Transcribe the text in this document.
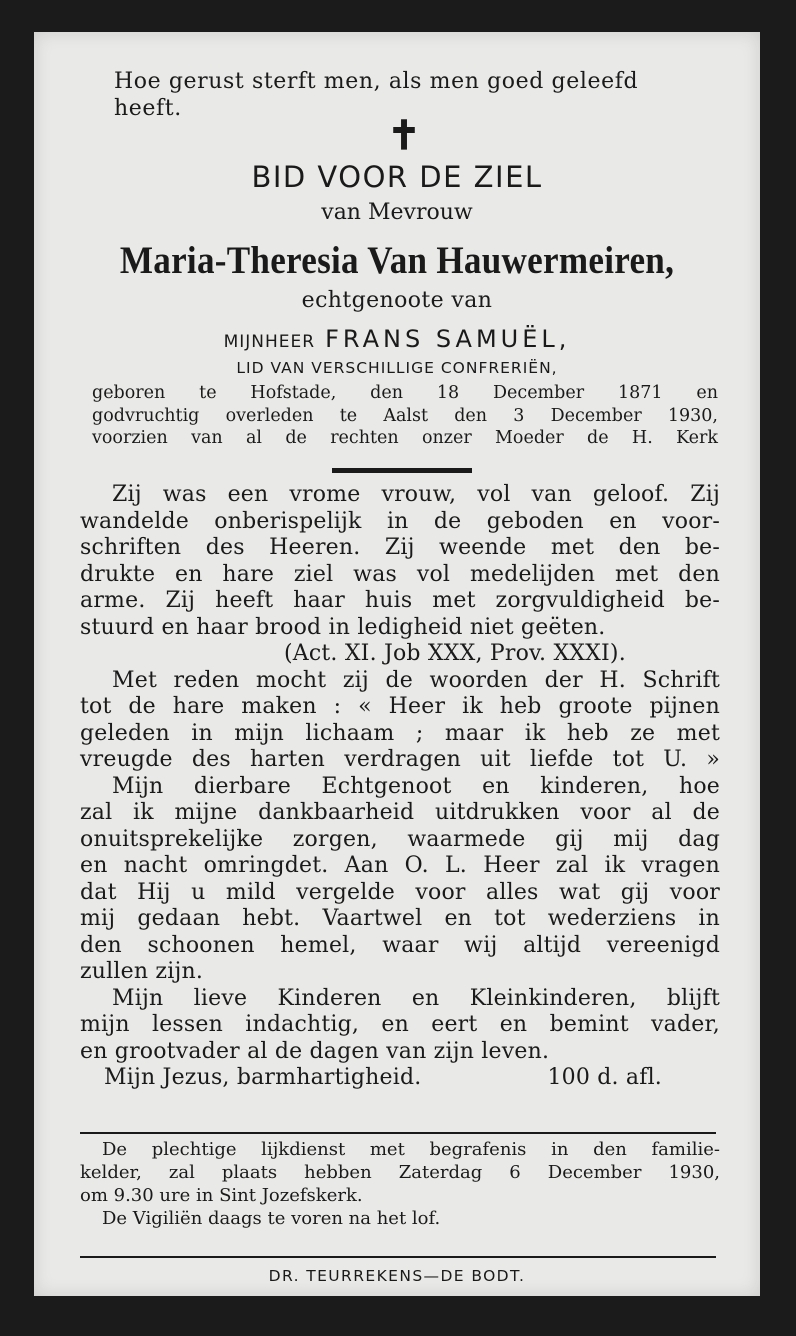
Hoe gerust sterft men, als men goed geleefd
heeft.
✝
BID VOOR DE ZIEL
van Mevrouw
Maria-Theresia Van Hauwermeiren,
echtgenoote van
MIJNHEER FRANS SAMUËL,
LID VAN VERSCHILLIGE CONFRERIËN,
geboren te Hofstade, den 18 December 1871 en
godvruchtig overleden te Aalst den 3 December 1930,
voorzien van al de rechten onzer Moeder de H. Kerk
Zij was een vrome vrouw, vol van geloof. Zij
wandelde onberispelijk in de geboden en voor-
schriften des Heeren. Zij weende met den be-
drukte en hare ziel was vol medelijden met den
arme. Zij heeft haar huis met zorgvuldigheid be-
stuurd en haar brood in ledigheid niet geëten.
(Act. XI. Job XXX, Prov. XXXI).
Met reden mocht zij de woorden der H. Schrift
tot de hare maken : « Heer ik heb groote pijnen
geleden in mijn lichaam ; maar ik heb ze met
vreugde des harten verdragen uit liefde tot U. »
Mijn dierbare Echtgenoot en kinderen, hoe
zal ik mijne dankbaarheid uitdrukken voor al de
onuitsprekelijke zorgen, waarmede gij mij dag
en nacht omringdet. Aan O. L. Heer zal ik vragen
dat Hij u mild vergelde voor alles wat gij voor
mij gedaan hebt. Vaartwel en tot wederziens in
den schoonen hemel, waar wij altijd vereenigd
zullen zijn.
Mijn lieve Kinderen en Kleinkinderen, blijft
mijn lessen indachtig, en eert en bemint vader,
en grootvader al de dagen van zijn leven.
Mijn Jezus, barmhartigheid.	100 d. afl.
De plechtige lijkdienst met begrafenis in den familie-
kelder, zal plaats hebben Zaterdag 6 December 1930,
om 9.30 ure in Sint Jozefskerk.
De Vigiliën daags te voren na het lof.
DR. TEURREKENS—DE BODT.
